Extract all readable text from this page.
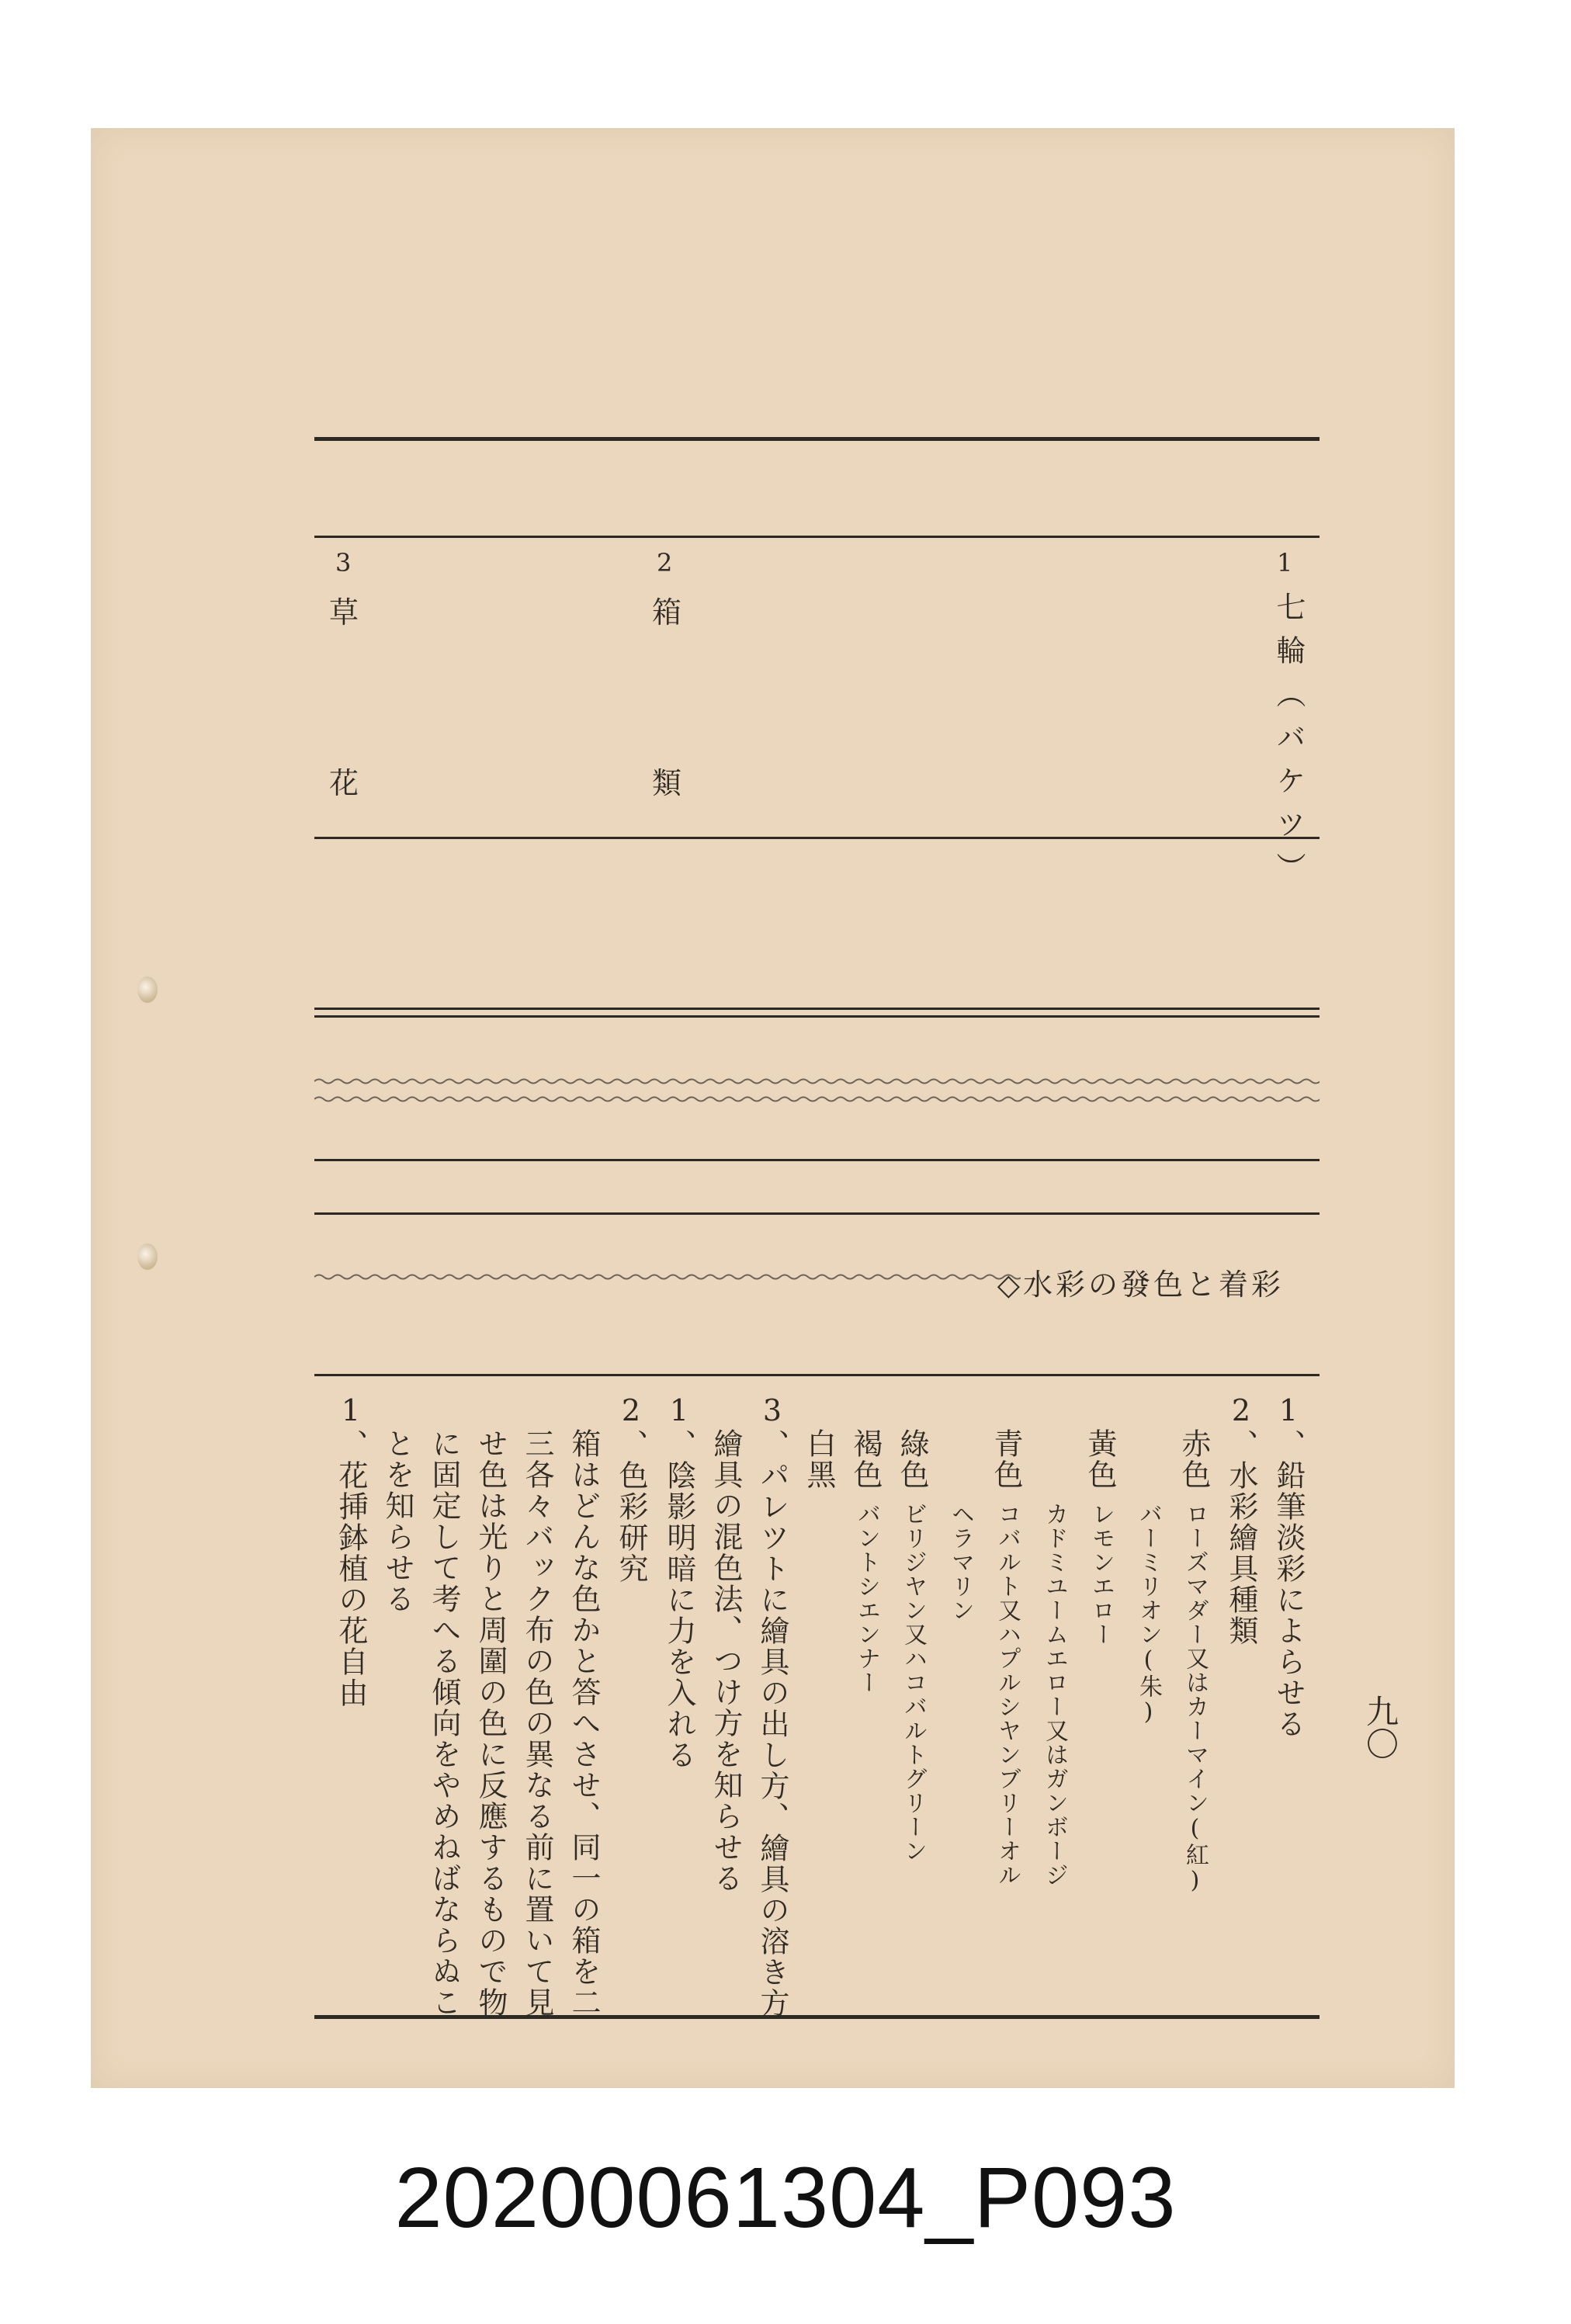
1
七輪（バケツ）
2
箱
類
3
草
花
◇水彩の發色と着彩
1、鉛筆淡彩によらせる
2、水彩繪具種類
赤色
ローズマダー又はカーマイン(紅)
バーミリオン(朱)
黃色
レモンエロー
カドミユームエロー又はガンボージ
青色
コバルト又ハプルシヤンブリーオル
ヘラマリン
綠色
ビリジヤン又ハコバルトグリーン
褐色
バントシエンナー
白黑
3、パレツトに繪具の出し方、繪具の溶き方
繪具の混色法、つけ方を知らせる
1、陰影明暗に力を入れる
2、色彩研究
箱はどんな色かと答へさせ、同一の箱を二
三各々バック布の色の異なる前に置いて見
せ色は光りと周圍の色に反應するもので物
に固定して考へる傾向をやめねばならぬこ
とを知らせる
1、花挿鉢植の花自由
九〇
20200061304_P093
